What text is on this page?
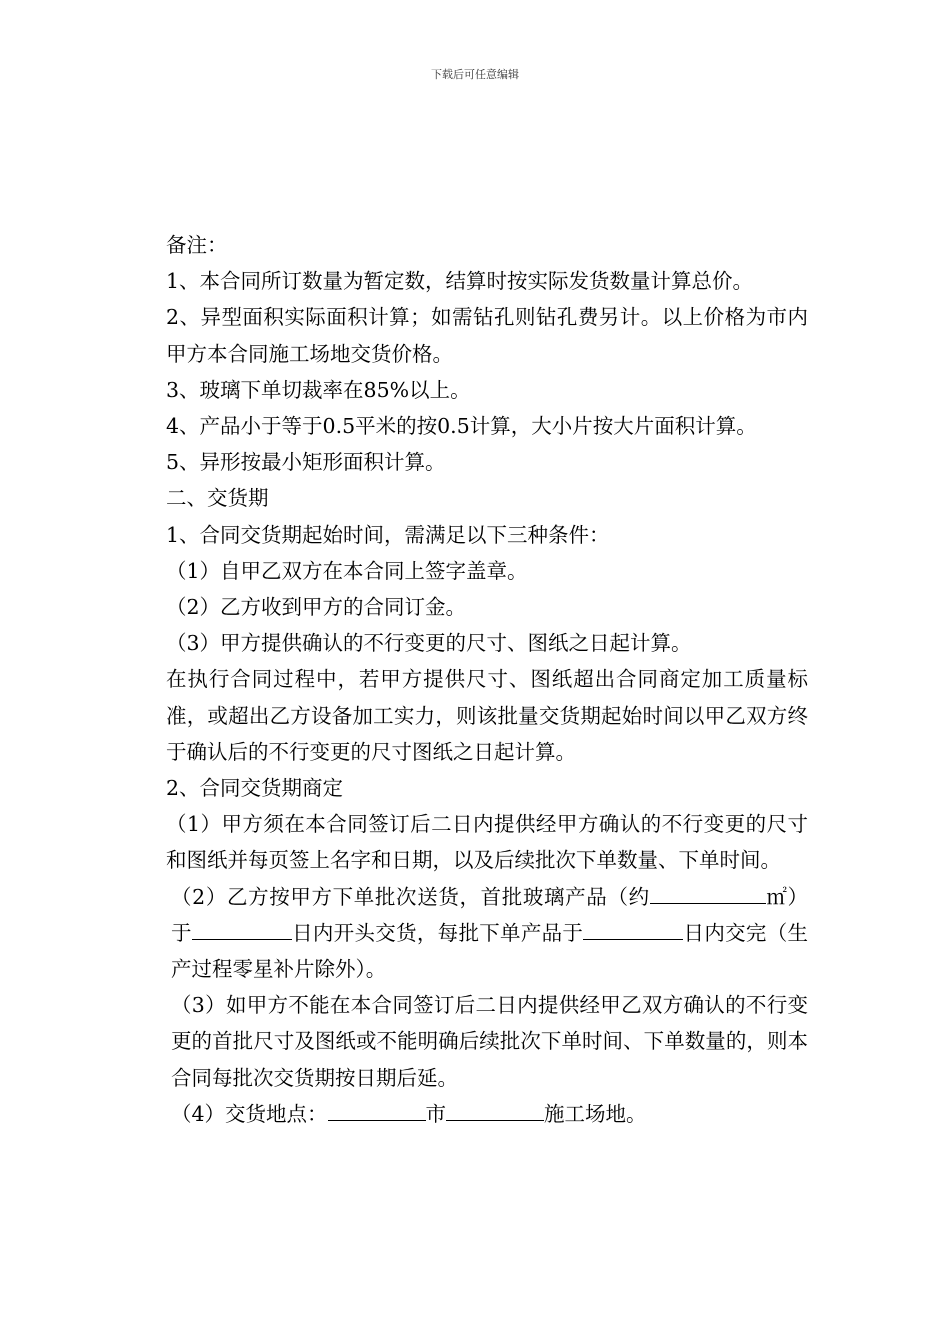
下载后可任意编辑
备注：
1、本合同所订数量为暂定数，结算时按实际发货数量计算总价。
2、异型面积实际面积计算；如需钻孔则钻孔费另计。以上价格为市内甲方本合同施工场地交货价格。
3、玻璃下单切裁率在85%以上。
4、产品小于等于0.5平米的按0.5计算，大小片按大片面积计算。
5、异形按最小矩形面积计算。
二、交货期
1、合同交货期起始时间，需满足以下三种条件：
（1）自甲乙双方在本合同上签字盖章。
（2）乙方收到甲方的合同订金。
（3）甲方提供确认的不行变更的尺寸、图纸之日起计算。
在执行合同过程中，若甲方提供尺寸、图纸超出合同商定加工质量标准，或超出乙方设备加工实力，则该批量交货期起始时间以甲乙双方终于确认后的不行变更的尺寸图纸之日起计算。
2、合同交货期商定
（1）甲方须在本合同签订后二日内提供经甲方确认的不行变更的尺寸和图纸并每页签上名字和日期，以及后续批次下单数量、下单时间。
（2）乙方按甲方下单批次送货，首批玻璃产品（约	㎡）于	日内开头交货，每批下单产品于	日内交完（生产过程零星补片除外）。
（3）如甲方不能在本合同签订后二日内提供经甲乙双方确认的不行变更的首批尺寸及图纸或不能明确后续批次下单时间、下单数量的，则本合同每批次交货期按日期后延。
（4）交货地点：	市	施工场地。
